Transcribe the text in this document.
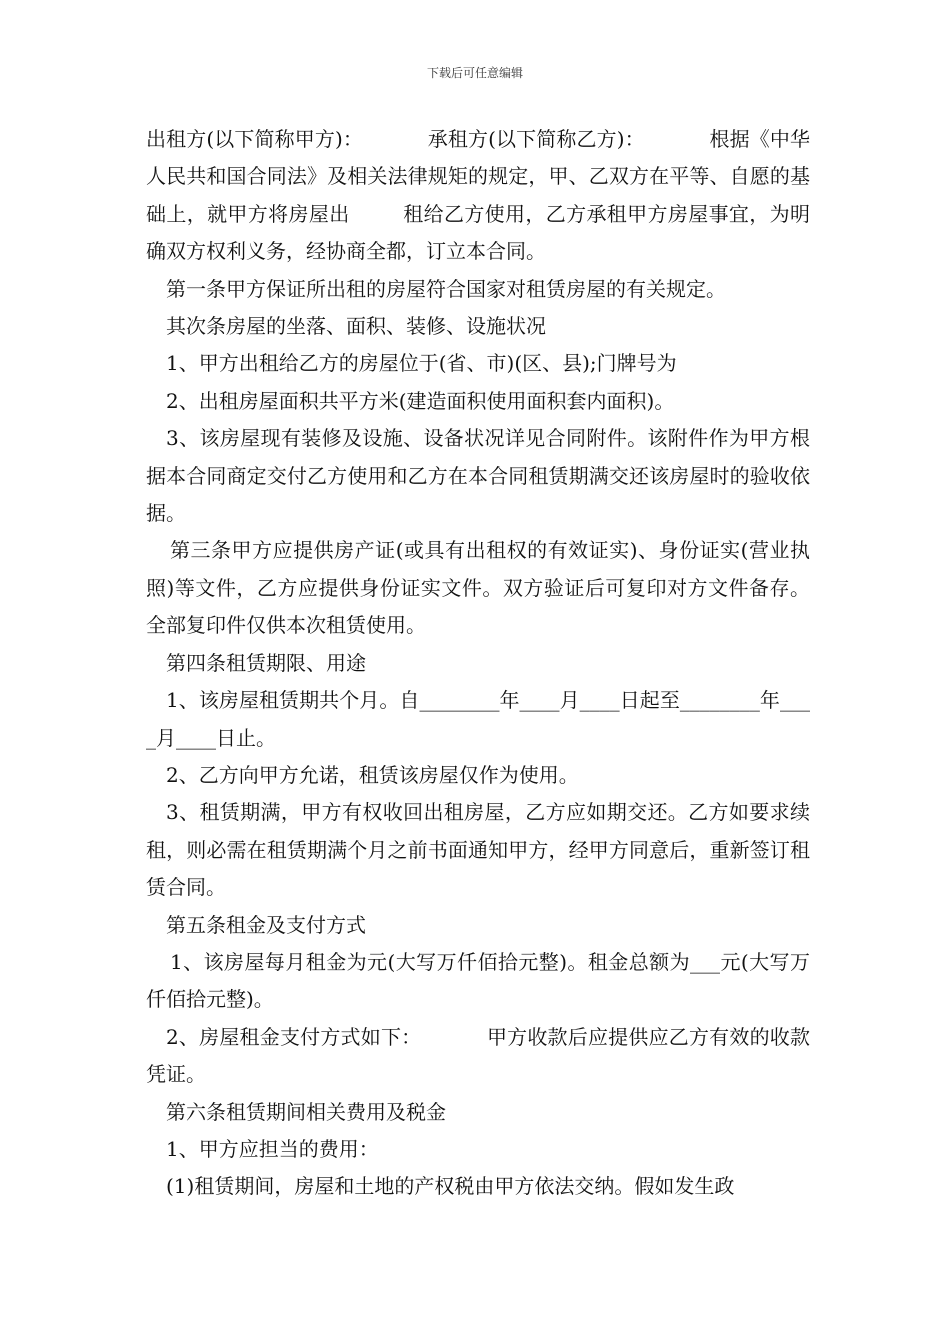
下载后可任意编辑

出租方(以下简称甲方)：          承租方(以下简称乙方)：          根据《中华人民共和国合同法》及相关法律规矩的规定，甲、乙双方在平等、自愿的基础上，就甲方将房屋出        租给乙方使用，乙方承租甲方房屋事宜，为明确双方权利义务，经协商全都，订立本合同。

第一条甲方保证所出租的房屋符合国家对租赁房屋的有关规定。

其次条房屋的坐落、面积、装修、设施状况

1、甲方出租给乙方的房屋位于(省、市)(区、县);门牌号为

2、出租房屋面积共平方米(建造面积使用面积套内面积)。

3、该房屋现有装修及设施、设备状况详见合同附件。该附件作为甲方根据本合同商定交付乙方使用和乙方在本合同租赁期满交还该房屋时的验收依据。

第三条甲方应提供房产证(或具有出租权的有效证实)、身份证实(营业执照)等文件，乙方应提供身份证实文件。双方验证后可复印对方文件备存。全部复印件仅供本次租赁使用。

第四条租赁期限、用途

1、该房屋租赁期共个月。自________年____月____日起至________年____月____日止。

2、乙方向甲方允诺，租赁该房屋仅作为使用。

3、租赁期满，甲方有权收回出租房屋，乙方应如期交还。乙方如要求续租，则必需在租赁期满个月之前书面通知甲方，经甲方同意后，重新签订租赁合同。

第五条租金及支付方式

1、该房屋每月租金为元(大写万仟佰拾元整)。租金总额为___元(大写万仟佰拾元整)。

2、房屋租金支付方式如下：          甲方收款后应提供应乙方有效的收款凭证。

第六条租赁期间相关费用及税金

1、甲方应担当的费用：

(1)租赁期间，房屋和土地的产权税由甲方依法交纳。假如发生政
